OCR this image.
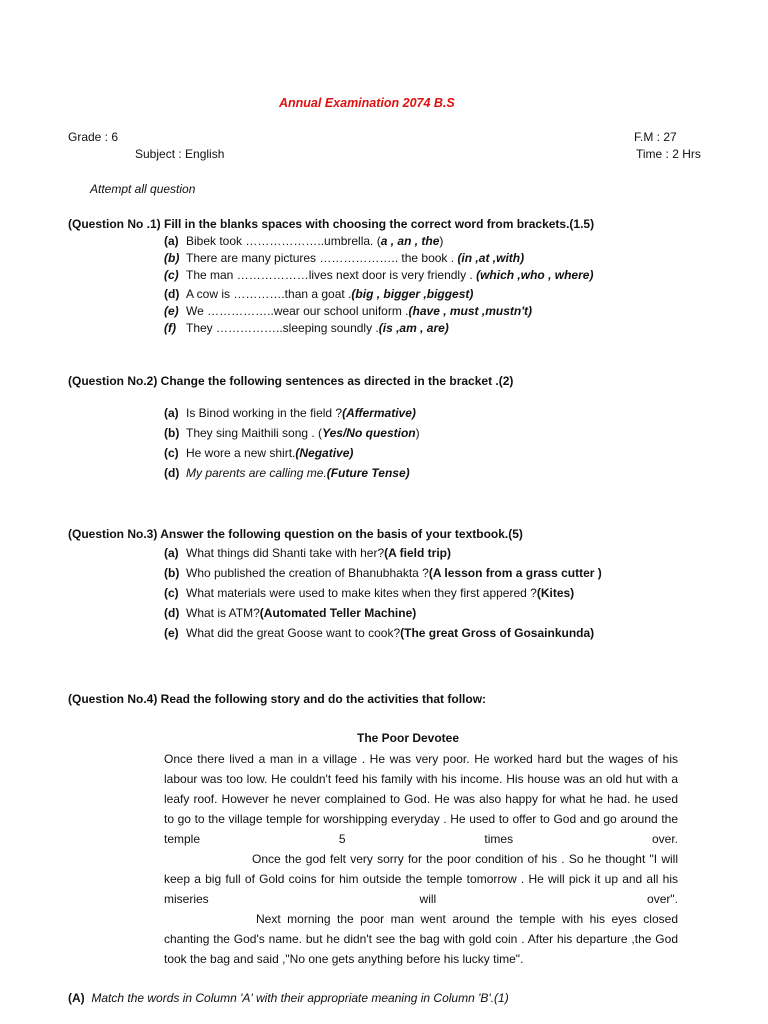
Annual Examination 2074 B.S
Grade : 6	F.M : 27
Subject : English	Time : 2 Hrs
Attempt all question
(Question No .1) Fill in the blanks spaces with choosing the correct word from brackets.(1.5)
(a) Bibek took ………………..umbrella. (a , an , the)
(b) There are many pictures ……………….. the book . (in ,at ,with)
(c) The man ………………lives next door is very friendly . (which ,who , where)
(d) A cow is ………….than a goat .(big , bigger ,biggest)
(e) We ……………..wear our school uniform .(have , must ,mustn't)
(f) They ……………..sleeping soundly .(is ,am , are)
(Question No.2) Change the following sentences as directed in the bracket .(2)
(a) Is Binod working in the field ?(Affermative)
(b) They sing Maithili song . (Yes/No question)
(c) He wore a new shirt.(Negative)
(d) My parents are calling me.(Future Tense)
(Question No.3) Answer the following question on the basis of your textbook.(5)
(a) What things did Shanti take with her?(A field trip)
(b) Who published the creation of Bhanubhakta ?(A lesson from a grass cutter )
(c) What materials were used to make kites when they first appered ?(Kites)
(d) What is ATM?(Automated Teller Machine)
(e) What did the great Goose want to cook?(The great Gross of Gosainkunda)
(Question No.4) Read the following story and do the activities that follow:
The Poor Devotee

Once there lived a man in a village . He was very poor. He worked hard but the wages of his labour was too low. He couldn't feed his family with his income. His house was an old hut with a leafy roof. However he never complained to God. He was also happy for what he had. he used to go to the village temple for worshipping everyday . He used to offer to God and go around the temple 5 times over.

Once the god felt very sorry for the poor condition of his . So he thought "I will keep a big full of Gold coins for him outside the temple tomorrow . He will pick it up and all his miseries will over".

Next morning the poor man went around the temple with his eyes closed chanting the God's name. but he didn't see the bag with gold coin . After his departure ,the God took the bag and said ,"No one gets anything before his lucky time".

(A) Match the words in Column 'A' with their appropriate meaning in Column 'B'.(1)
